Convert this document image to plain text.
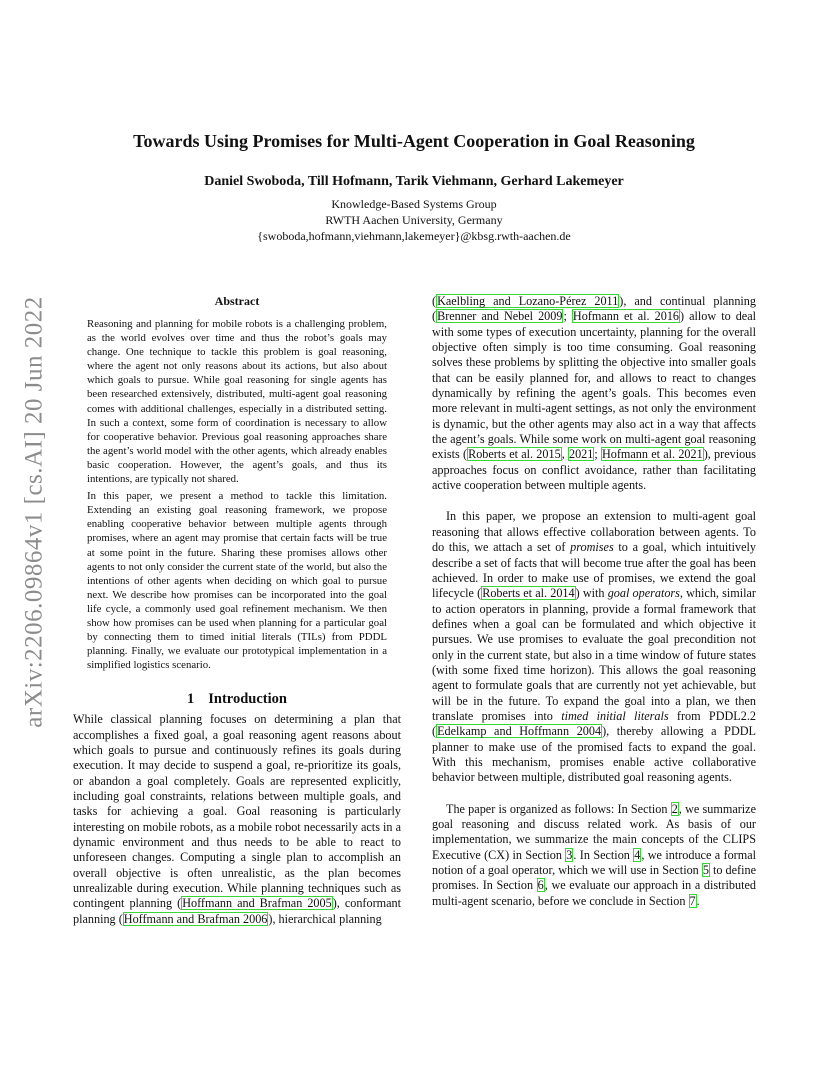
arXiv:2206.09864v1 [cs.AI] 20 Jun 2022
Towards Using Promises for Multi-Agent Cooperation in Goal Reasoning
Daniel Swoboda, Till Hofmann, Tarik Viehmann, Gerhard Lakemeyer
Knowledge-Based Systems Group
RWTH Aachen University, Germany
{swoboda,hofmann,viehmann,lakemeyer}@kbsg.rwth-aachen.de
Abstract

Reasoning and planning for mobile robots is a challenging problem, as the world evolves over time and thus the robot’s goals may change. One technique to tackle this problem is goal reasoning, where the agent not only reasons about its actions, but also about which goals to pursue. While goal reasoning for single agents has been researched extensively, distributed, multi-agent goal reasoning comes with additional challenges, especially in a distributed setting. In such a context, some form of coordination is necessary to allow for cooperative behavior. Previous goal reasoning approaches share the agent’s world model with the other agents, which already enables basic cooperation. However, the agent’s goals, and thus its intentions, are typically not shared.

In this paper, we present a method to tackle this limitation. Extending an existing goal reasoning framework, we propose enabling cooperative behavior between multiple agents through promises, where an agent may promise that certain facts will be true at some point in the future. Sharing these promises allows other agents to not only consider the current state of the world, but also the intentions of other agents when deciding on which goal to pursue next. We describe how promises can be incorporated into the goal life cycle, a commonly used goal refinement mechanism. We then show how promises can be used when planning for a particular goal by connecting them to timed initial literals (TILs) from PDDL planning. Finally, we evaluate our prototypical implementation in a simplified logistics scenario.

1 Introduction

While classical planning focuses on determining a plan that accomplishes a fixed goal, a goal reasoning agent reasons about which goals to pursue and continuously refines its goals during execution. It may decide to suspend a goal, re-prioritize its goals, or abandon a goal completely. Goals are represented explicitly, including goal constraints, relations between multiple goals, and tasks for achieving a goal. Goal reasoning is particularly interesting on mobile robots, as a mobile robot necessarily acts in a dynamic environment and thus needs to be able to react to unforeseen changes. Computing a single plan to accomplish an overall objective is often unrealistic, as the plan becomes unrealizable during execution. While planning techniques such as contingent planning (Hoffmann and Brafman 2005), conformant planning (Hoffmann and Brafman 2006), hierarchical planning

(Kaelbling and Lozano-Pérez 2011), and continual planning (Brenner and Nebel 2009; Hofmann et al. 2016) allow to deal with some types of execution uncertainty, planning for the overall objective often simply is too time consuming. Goal reasoning solves these problems by splitting the objective into smaller goals that can be easily planned for, and allows to react to changes dynamically by refining the agent’s goals. This becomes even more relevant in multi-agent settings, as not only the environment is dynamic, but the other agents may also act in a way that affects the agent’s goals. While some work on multi-agent goal reasoning exists (Roberts et al. 2015, 2021; Hofmann et al. 2021), previous approaches focus on conflict avoidance, rather than facilitating active cooperation between multiple agents.

In this paper, we propose an extension to multi-agent goal reasoning that allows effective collaboration between agents. To do this, we attach a set of promises to a goal, which intuitively describe a set of facts that will become true after the goal has been achieved. In order to make use of promises, we extend the goal lifecycle (Roberts et al. 2014) with goal operators, which, similar to action operators in planning, provide a formal framework that defines when a goal can be formulated and which objective it pursues. We use promises to evaluate the goal precondition not only in the current state, but also in a time window of future states (with some fixed time horizon). This allows the goal reasoning agent to formulate goals that are currently not yet achievable, but will be in the future. To expand the goal into a plan, we then translate promises into timed initial literals from PDDL2.2 (Edelkamp and Hoffmann 2004), thereby allowing a PDDL planner to make use of the promised facts to expand the goal. With this mechanism, promises enable active collaborative behavior between multiple, distributed goal reasoning agents.

The paper is organized as follows: In Section 2, we summarize goal reasoning and discuss related work. As basis of our implementation, we summarize the main concepts of the CLIPS Executive (CX) in Section 3. In Section 4, we introduce a formal notion of a goal operator, which we will use in Section 5 to define promises. In Section 6, we evaluate our approach in a distributed multi-agent scenario, before we conclude in Section 7.
